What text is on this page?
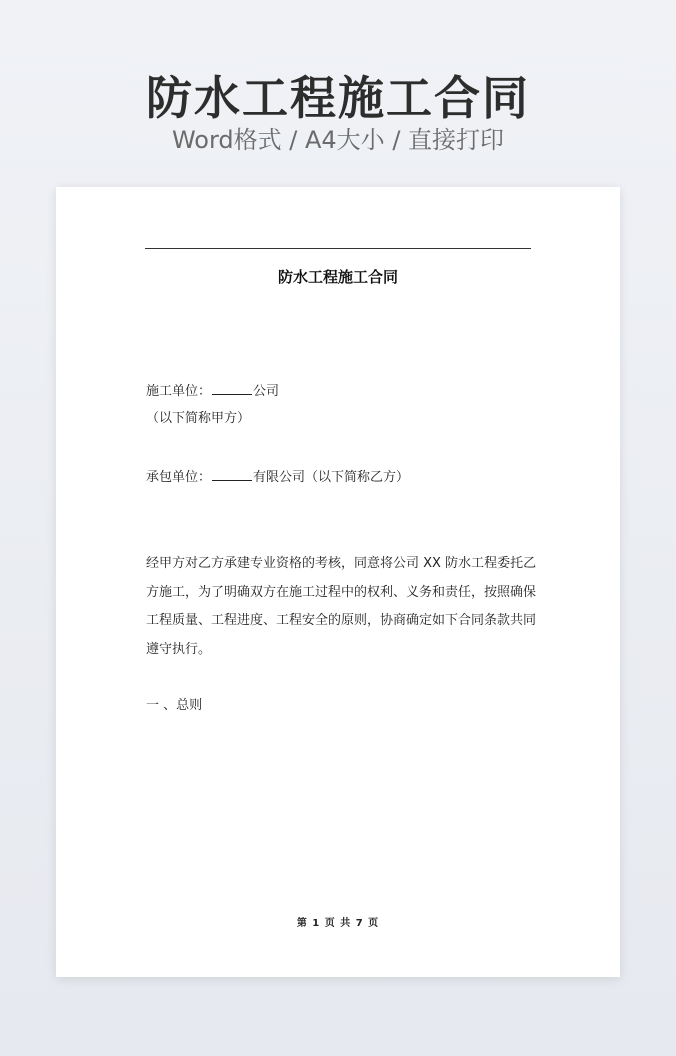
防水工程施工合同
Word格式 / A4大小 / 直接打印
防水工程施工合同
施工单位：	公司
（以下简称甲方）
承包单位：	有限公司（以下简称乙方）
经甲方对乙方承建专业资格的考核，同意将公司 XX 防水工程委托乙
方施工，为了明确双方在施工过程中的权利、义务和责任，按照确保
工程质量、工程进度、工程安全的原则，协商确定如下合同条款共同
遵守执行。
一 、总则
第 1 页 共 7 页
